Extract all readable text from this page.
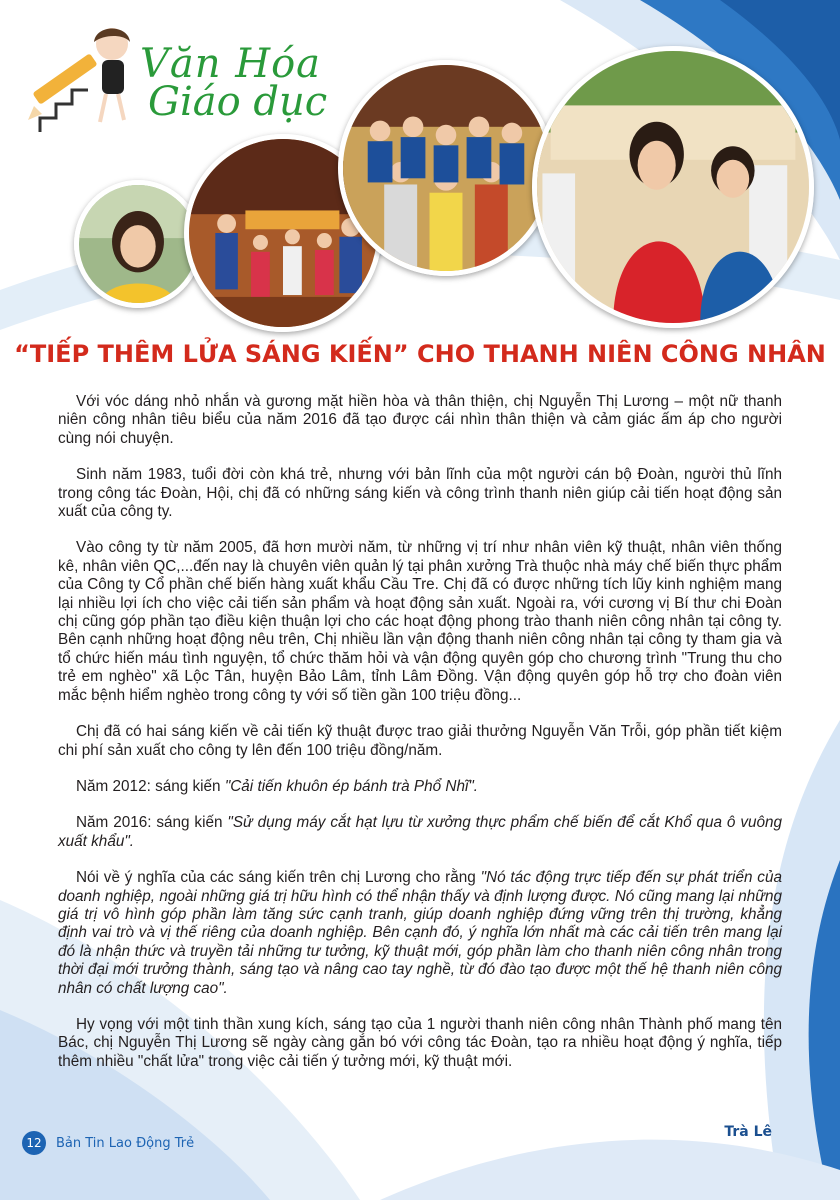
Văn Hóa
Giáo dục
“TIẾP THÊM LỬA SÁNG KIẾN” CHO THANH NIÊN CÔNG NHÂN

Với vóc dáng nhỏ nhắn và gương mặt hiền hòa và thân thiện, chị Nguyễn Thị Lương – một nữ thanh niên công nhân tiêu biểu của năm 2016 đã tạo được cái nhìn thân thiện và cảm giác ấm áp cho người cùng nói chuyện.

Sinh năm 1983, tuổi đời còn khá trẻ, nhưng với bản lĩnh của một người cán bộ Đoàn, người thủ lĩnh trong công tác Đoàn, Hội, chị đã có những sáng kiến và công trình thanh niên giúp cải tiến hoạt động sản xuất của công ty.

Vào công ty từ năm 2005, đã hơn mười năm, từ những vị trí như nhân viên kỹ thuật, nhân viên thống kê, nhân viên QC,...đến nay là chuyên viên quản lý tại phân xưởng Trà thuộc nhà máy chế biến thực phẩm của Công ty Cổ phần chế biến hàng xuất khẩu Cầu Tre. Chị đã có được những tích lũy kinh nghiệm mang lại nhiều lợi ích cho việc cải tiến sản phẩm và hoạt động sản xuất. Ngoài ra, với cương vị Bí thư chi Đoàn chị cũng góp phần tạo điều kiện thuận lợi cho các hoạt động phong trào thanh niên công nhân tại công ty. Bên cạnh những hoạt động nêu trên, Chị nhiều lần vận động thanh niên công nhân tại công ty tham gia và tổ chức hiến máu tình nguyện, tổ chức thăm hỏi và vận động quyên góp cho chương trình "Trung thu cho trẻ em nghèo" xã Lộc Tân, huyện Bảo Lâm, tỉnh Lâm Đồng. Vận động quyên góp hỗ trợ cho đoàn viên mắc bệnh hiểm nghèo trong công ty với số tiền gần 100 triệu đồng...

Chị đã có hai sáng kiến về cải tiến kỹ thuật được trao giải thưởng Nguyễn Văn Trỗi, góp phần tiết kiệm chi phí sản xuất cho công ty lên đến 100 triệu đồng/năm.

Năm 2012: sáng kiến "Cải tiến khuôn ép bánh trà Phổ Nhĩ".

Năm 2016: sáng kiến "Sử dụng máy cắt hạt lựu từ xưởng thực phẩm chế biến để cắt Khổ qua ô vuông xuất khẩu".

Nói về ý nghĩa của các sáng kiến trên chị Lương cho rằng "Nó tác động trực tiếp đến sự phát triển của doanh nghiệp, ngoài những giá trị hữu hình có thể nhận thấy và định lượng được. Nó cũng mang lại những giá trị vô hình góp phần làm tăng sức cạnh tranh, giúp doanh nghiệp đứng vững trên thị trường, khẳng định vai trò và vị thế riêng của doanh nghiệp. Bên cạnh đó, ý nghĩa lớn nhất mà các cải tiến trên mang lại đó là nhận thức và truyền tải những tư tưởng, kỹ thuật mới, góp phần làm cho thanh niên công nhân trong thời đại mới trưởng thành, sáng tạo và nâng cao tay nghề, từ đó đào tạo được một thế hệ thanh niên công nhân có chất lượng cao".

Hy vọng với một tinh thần xung kích, sáng tạo của 1 người thanh niên công nhân Thành phố mang tên Bác, chị Nguyễn Thị Lương sẽ ngày càng gắn bó với công tác Đoàn, tạo ra nhiều hoạt động ý nghĩa, tiếp thêm nhiều "chất lửa" trong việc cải tiến ý tưởng mới, kỹ thuật mới.

Trà Lê
12	Bản Tin Lao Động Trẻ
